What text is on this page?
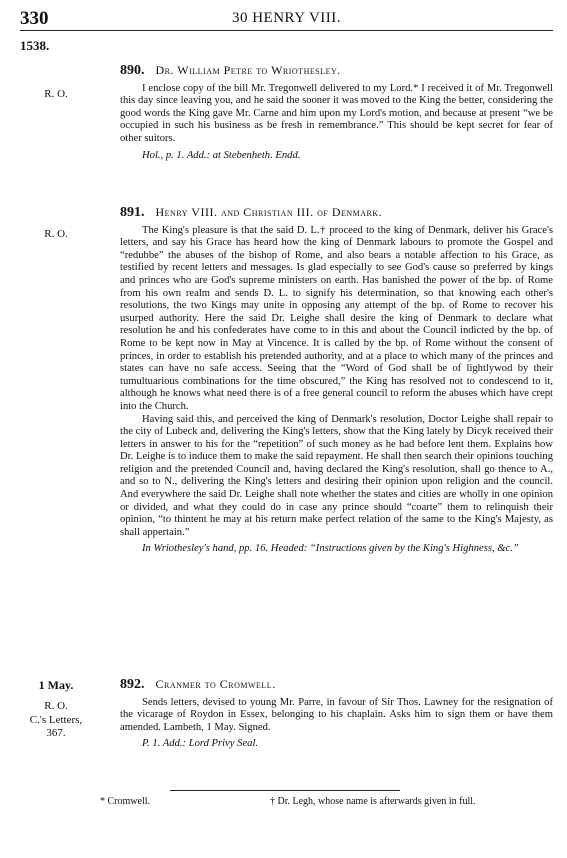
330	30 HENRY VIII.
1538.
R. O.
890. Dr. William Petre to Wriothesley.

I enclose copy of the bill Mr. Tregonwell delivered to my Lord.* I received it of Mr. Tregonwell this day since leaving you, and he said the sooner it was moved to the King the better, considering the good words the King gave Mr. Carne and him upon my Lord's motion, and because at present “we be occupied in such his business as be fresh in remembrance.” This should be kept secret for fear of other suitors.

Hol., p. 1. Add.: at Stebenheth. Endd.
R. O.
891. Henry VIII. and Christian III. of Denmark.

The King's pleasure is that the said D. L.† proceed to the king of Denmark, deliver his Grace's letters, and say his Grace has heard how the king of Denmark labours to promote the Gospel and “redubbe” the abuses of the bishop of Rome, and also bears a notable affection to his Grace, as testified by recent letters and messages. Is glad especially to see God's cause so preferred by kings and princes who are God's supreme ministers on earth. Has banished the power of the bp. of Rome from his own realm and sends D. L. to signify his determination, so that knowing each other's resolutions, the two Kings may unite in opposing any attempt of the bp. of Rome to recover his usurped authority. Here the said Dr. Leighe shall desire the king of Denmark to declare what resolution he and his confederates have come to in this and about the Council indicted by the bp. of Rome to be kept now in May at Vincence. It is called by the bp. of Rome without the consent of princes, in order to establish his pretended authority, and at a place to which many of the princes and states can have no safe access. Seeing that the “Word of God shall be of lightlywod by their tumultuarious combinations for the time obscured,” the King has resolved not to condescend to it, although he knows what need there is of a free general council to reform the abuses which have crept into the Church.

Having said this, and perceived the king of Denmark's resolution, Doctor Leighe shall repair to the city of Lubeck and, delivering the King's letters, show that the King lately by Dicyk received their letters in answer to his for the “repetition” of such money as he had before lent them. Explains how Dr. Leighe is to induce them to make the said repayment. He shall then search their opinions touching religion and the pretended Council and, having declared the King's resolution, shall go thence to A., and so to N., delivering the King's letters and desiring their opinion upon religion and the council. And everywhere the said Dr. Leighe shall note whether the states and cities are wholly in one opinion or divided, and what they could do in case any prince should “coarte” them to relinquish their opinion, “to thintent he may at his return make perfect relation of the same to the King's Majesty, as shall appertain.”

In Wriothesley's hand, pp. 16. Headed: “Instructions given by the King's Highness, &c.”
1 May.
R. O.
C.'s Letters, 367.
892. Cranmer to Cromwell.

Sends letters, devised to young Mr. Parre, in favour of Sir Thos. Lawney for the resignation of the vicarage of Roydon in Essex, belonging to his chaplain. Asks him to sign them or have them amended. Lambeth, 1 May. Signed.

P. 1. Add.: Lord Privy Seal.
* Cromwell.	† Dr. Legh, whose name is afterwards given in full.
